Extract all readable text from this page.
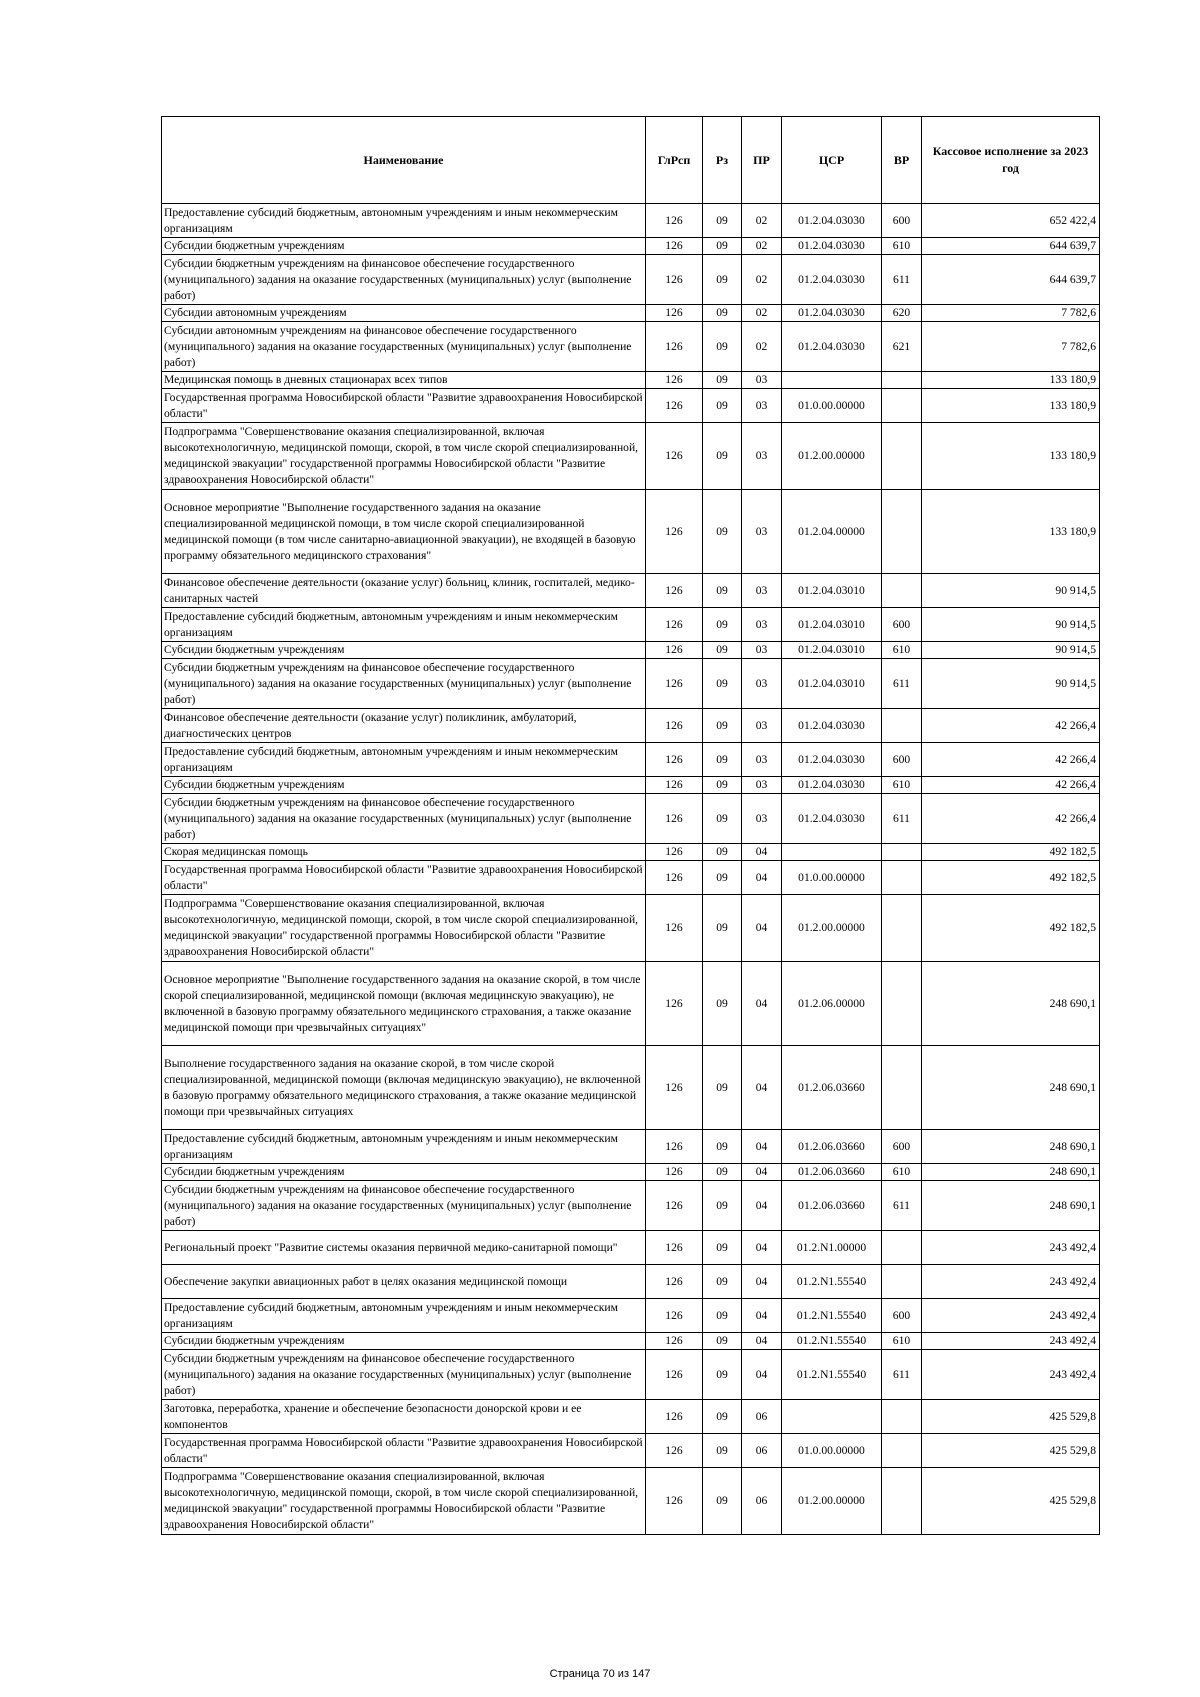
Наименование	ГлРсп	Рз	ПР	ЦСР	ВР	Кассовое исполнение за 2023 год
Предоставление субсидий бюджетным, автономным учреждениям и иным некоммерческим организациям	126	09	02	01.2.04.03030	600	652 422,4
Субсидии бюджетным учреждениям	126	09	02	01.2.04.03030	610	644 639,7
Субсидии бюджетным учреждениям на финансовое обеспечение государственного (муниципального) задания на оказание государственных (муниципальных) услуг (выполнение работ)	126	09	02	01.2.04.03030	611	644 639,7
Субсидии автономным учреждениям	126	09	02	01.2.04.03030	620	7 782,6
Субсидии автономным учреждениям на финансовое обеспечение государственного (муниципального) задания на оказание государственных (муниципальных) услуг (выполнение работ)	126	09	02	01.2.04.03030	621	7 782,6
Медицинская помощь в дневных стационарах всех типов	126	09	03			133 180,9
Государственная программа Новосибирской области "Развитие здравоохранения Новосибирской области"	126	09	03	01.0.00.00000		133 180,9
Подпрограмма "Совершенствование оказания специализированной, включая высокотехнологичную, медицинской помощи, скорой, в том числе скорой специализированной, медицинской эвакуации" государственной программы Новосибирской области "Развитие здравоохранения Новосибирской области"	126	09	03	01.2.00.00000		133 180,9
Основное мероприятие "Выполнение государственного задания на оказание специализированной медицинской помощи, в том числе скорой специализированной медицинской помощи (в том числе санитарно-авиационной эвакуации), не входящей в базовую программу обязательного медицинского страхования"	126	09	03	01.2.04.00000		133 180,9
Финансовое обеспечение деятельности (оказание услуг) больниц, клиник, госпиталей, медико-санитарных частей	126	09	03	01.2.04.03010		90 914,5
Предоставление субсидий бюджетным, автономным учреждениям и иным некоммерческим организациям	126	09	03	01.2.04.03010	600	90 914,5
Субсидии бюджетным учреждениям	126	09	03	01.2.04.03010	610	90 914,5
Субсидии бюджетным учреждениям на финансовое обеспечение государственного (муниципального) задания на оказание государственных (муниципальных) услуг (выполнение работ)	126	09	03	01.2.04.03010	611	90 914,5
Финансовое обеспечение деятельности (оказание услуг) поликлиник, амбулаторий, диагностических центров	126	09	03	01.2.04.03030		42 266,4
Предоставление субсидий бюджетным, автономным учреждениям и иным некоммерческим организациям	126	09	03	01.2.04.03030	600	42 266,4
Субсидии бюджетным учреждениям	126	09	03	01.2.04.03030	610	42 266,4
Субсидии бюджетным учреждениям на финансовое обеспечение государственного (муниципального) задания на оказание государственных (муниципальных) услуг (выполнение работ)	126	09	03	01.2.04.03030	611	42 266,4
Скорая медицинская помощь	126	09	04			492 182,5
Государственная программа Новосибирской области "Развитие здравоохранения Новосибирской области"	126	09	04	01.0.00.00000		492 182,5
Подпрограмма "Совершенствование оказания специализированной, включая высокотехнологичную, медицинской помощи, скорой, в том числе скорой специализированной, медицинской эвакуации" государственной программы Новосибирской области "Развитие здравоохранения Новосибирской области"	126	09	04	01.2.00.00000		492 182,5
Основное мероприятие "Выполнение государственного задания на оказание скорой, в том числе скорой специализированной, медицинской помощи (включая медицинскую эвакуацию), не включенной в базовую программу обязательного медицинского страхования, а также оказание медицинской помощи при чрезвычайных ситуациях"	126	09	04	01.2.06.00000		248 690,1
Выполнение государственного задания на оказание скорой, в том числе скорой специализированной, медицинской помощи (включая медицинскую эвакуацию), не включенной в базовую программу обязательного медицинского страхования, а также оказание медицинской помощи при чрезвычайных ситуациях	126	09	04	01.2.06.03660		248 690,1
Предоставление субсидий бюджетным, автономным учреждениям и иным некоммерческим организациям	126	09	04	01.2.06.03660	600	248 690,1
Субсидии бюджетным учреждениям	126	09	04	01.2.06.03660	610	248 690,1
Субсидии бюджетным учреждениям на финансовое обеспечение государственного (муниципального) задания на оказание государственных (муниципальных) услуг (выполнение работ)	126	09	04	01.2.06.03660	611	248 690,1
Региональный проект "Развитие системы оказания первичной медико-санитарной помощи"	126	09	04	01.2.N1.00000		243 492,4
Обеспечение закупки авиационных работ в целях оказания медицинской помощи	126	09	04	01.2.N1.55540		243 492,4
Предоставление субсидий бюджетным, автономным учреждениям и иным некоммерческим организациям	126	09	04	01.2.N1.55540	600	243 492,4
Субсидии бюджетным учреждениям	126	09	04	01.2.N1.55540	610	243 492,4
Субсидии бюджетным учреждениям на финансовое обеспечение государственного (муниципального) задания на оказание государственных (муниципальных) услуг (выполнение работ)	126	09	04	01.2.N1.55540	611	243 492,4
Заготовка, переработка, хранение и обеспечение безопасности донорской крови и ее компонентов	126	09	06			425 529,8
Государственная программа Новосибирской области "Развитие здравоохранения Новосибирской области"	126	09	06	01.0.00.00000		425 529,8
Подпрограмма "Совершенствование оказания специализированной, включая высокотехнологичную, медицинской помощи, скорой, в том числе скорой специализированной, медицинской эвакуации" государственной программы Новосибирской области "Развитие здравоохранения Новосибирской области"	126	09	06	01.2.00.00000		425 529,8
Страница 70 из 147
